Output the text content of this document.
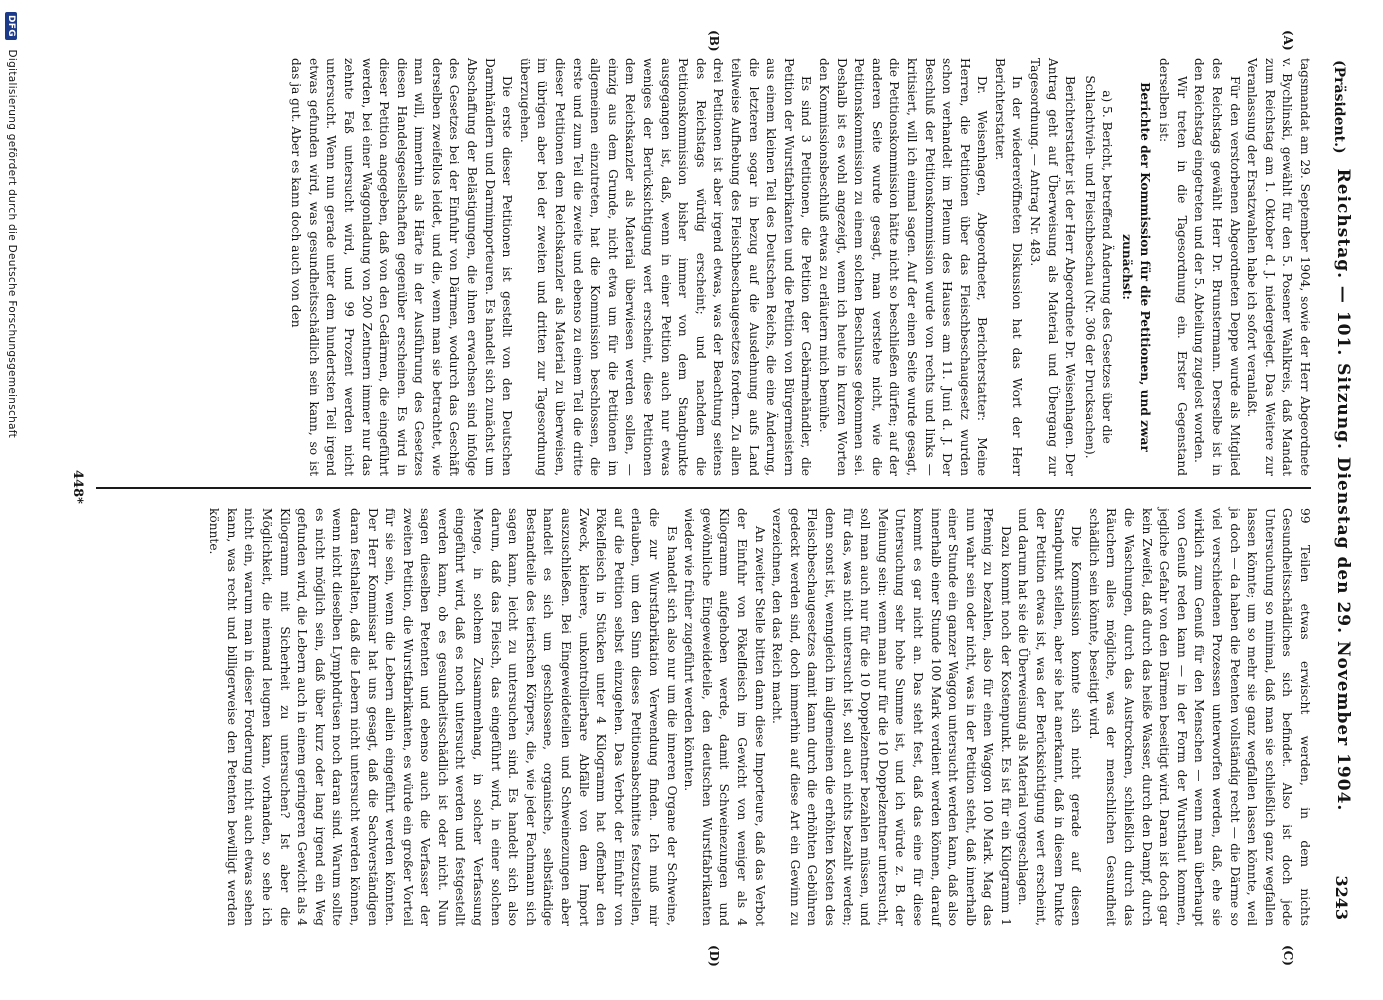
(Präsident.)
Reichstag. — 101. Sitzung. Dienstag den 29. November 1904.
3243
(A)
(B)
(C)
(D)

tagsmandat am 29. September 1904, sowie der Herr Abgeordnete v. Bychlinski, gewählt für den 5. Posener Wahlkreis, daß Mandat zum Reichstag am 1. Oktober d. J. niedergelegt. Das Weitere zur Veranlassung der Ersatzwahlen habe ich sofort veranlaßt.

Für den verstorbenen Abgeordneten Deppe wurde als Mitglied des Reichstags gewählt Herr Dr. Brunstermann. Derselbe ist in den Reichstag eingetreten und der 5. Abteilung zugelost worden.

Wir treten in die Tagesordnung ein. Erster Gegenstand derselben ist:

Berichte der Kommission für die Petitionen, und zwar zunächst:

a) 5. Bericht, betreffend Änderung des Gesetzes über die Schlachtvieh- und Fleischbeschau (Nr. 306 der Drucksachen).

Berichterstatter ist der Herr Abgeordnete Dr. Weisenhagen. Der Antrag geht auf Überweisung als Material und Übergang zur Tagesordnung. — Antrag Nr. 483.

In der wiedereröffneten Diskussion hat das Wort der Herr Berichterstatter.

Dr. Weisenhagen, Abgeordneter, Berichterstatter: Meine Herren, die Petitionen über das Fleischbeschaugesetz wurden schon verhandelt im Plenum des Hauses am 11. Juni d. J. Der Beschluß der Petitionskommission wurde von rechts und links — kritisiert, will ich einmal sagen. Auf der einen Seite wurde gesagt, die Petitionskommission hätte nicht so beschließen dürfen; auf der anderen Seite wurde gesagt, man verstehe nicht, wie die Petitionskommission zu einem solchen Beschlusse gekommen sei. Deshalb ist es wohl angezeigt, wenn ich heute in kurzen Worten den Kommissionsbeschluß etwas zu erläutern mich bemühe.

Es sind 3 Petitionen, die Petition der Gebärmehändler, die Petition der Wurstfabrikanten und die Petition von Bürgermeistern aus einem kleinen Teil des Deutschen Reichs, die eine Änderung, die letzteren sogar in bezug auf die Ausdehnung aufs Land teilweise Aufhebung des Fleischbeschaugesetzes fordern. Zu allen drei Petitionen ist aber irgend etwas, was der Beachtung seitens des Reichstags würdig erscheint; und nachdem die Petitionskommission bisher immer von dem Standpunkte ausgegangen ist, daß, wenn in einer Petition auch nur etwas weniges der Berücksichtigung wert erscheint, diese Petitionen dem Reichskanzler als Material überwiesen werden sollen, — einzig aus dem Grunde, nicht etwa um für die Petitionen im allgemeinen einzutreten, hat die Kommission beschlossen, die erste und zum Teil die zweite und ebenso zu einem Teil die dritte dieser Petitionen dem Reichskanzler als Material zu überweisen, im übrigen aber bei der zweiten und dritten zur Tagesordnung überzugehen.

Die erste dieser Petitionen ist gestellt von den Deutschen Darmhändlern und Darmimporteuren. Es handelt sich zunächst um Abschaffung der Belästigungen, die ihnen erwachsen sind infolge des Gesetzes bei der Einfuhr von Därmen, wodurch das Geschäft derselben zweifellos leidet, und die, wenn man sie betrachtet, wie man will, immerhin als Härte in der Ausführung des Gesetzes diesen Handelsgesellschaften gegenüber erscheinen. Es wird in dieser Petition angegeben, daß von den Gedärmen, die eingeführt werden, bei einer Waggonladung von 200 Zentnern immer nur das zehnte Faß untersucht wird, und 99 Prozent werden nicht untersucht. Wenn nun gerade unter dem hundertsten Teil irgend etwas gefunden wird, was gesundheitsschädlich sein kann, so ist das ja gut. Aber es kann doch auch von den

99 Teilen etwas erwischt werden, in dem nichts Gesundheitsschädliches sich befindet. Also ist doch jede Untersuchung so minimal, daß man sie schließlich ganz wegfallen lassen könnte; um so mehr sie ganz wegfallen lassen könnte, weil ja doch — da haben die Petenten vollständig recht — die Därme so viel verschiedenen Prozessen unterworfen werden, daß, ehe sie wirklich zum Genuß für den Menschen — wenn man überhaupt von Genuß reden kann — in der Form der Wursthaut kommen, jegliche Gefahr von den Därmen beseitigt wird. Daran ist doch gar kein Zweifel, daß durch das heiße Wasser, durch den Dampf, durch die Waschungen, durch das Austrocknen, schließlich durch das Räuchern alles mögliche, was der menschlichen Gesundheit schädlich sein könnte, beseitigt wird.

Die Kommission konnte sich nicht gerade auf diesen Standpunkt stellen, aber sie hat anerkannt, daß in diesem Punkte der Petition etwas ist, was der Berücksichtigung wert erscheint, und darum hat sie die Überweisung als Material vorgeschlagen.

Dazu kommt noch der Kostenpunkt. Es ist für ein Kilogramm 1 Pfennig zu bezahlen, also für einen Waggon 100 Mark. Mag das nun wahr sein oder nicht, was in der Petition steht, daß innerhalb einer Stunde ein ganzer Waggon untersucht werden kann, daß also innerhalb einer Stunde 100 Mark verdient werden können, darauf kommt es gar nicht an. Das steht fest, daß das eine für diese Untersuchung sehr hohe Summe ist, und ich würde z. B. der Meinung sein: wenn man nur für die 10 Doppelzentner untersucht, soll man auch nur für die 10 Doppelzentner bezahlen müssen, und für das, was nicht untersucht ist, soll auch nichts bezahlt werden; denn sonst ist, wenngleich im allgemeinen die erhöhten Kosten des Fleischbeschaugesetzes damit kann durch die erhöhten Gebühren gedeckt werden sind, doch immerhin auf diese Art ein Gewinn zu verzeichnen, den das Reich macht.

An zweiter Stelle bitten dann diese Importeure, daß das Verbot der Einfuhr von Pökelfleisch im Gewicht von weniger als 4 Kilogramm aufgehoben werde, damit Schweinezungen und gewöhnliche Eingeweideteile, den deutschen Wurstfabrikanten wieder wie früher zugeführt werden könnten.

Es handelt sich also nur um die inneren Organe der Schweine, die zur Wurstfabrikation Verwendung finden. Ich muß mir erlauben, um den Sinn dieses Petitionsabschnittes festzustellen, auf die Petition selbst einzugehen. Das Verbot der Einfuhr von Pökelfleisch in Stücken unter 4 Kilogramm hat offenbar den Zweck, kleinere, unkontrollierbare Abfälle von dem Import auszuschließen. Bei Eingeweideteilen und Schweinezungen aber handelt es sich um geschlossene, organische, selbständige Bestandteile des tierischen Körpers, die, wie jeder Fachmann sich sagen kann, leicht zu untersuchen sind. Es handelt sich also darum, daß das Fleisch, das eingeführt wird, in einer solchen Menge, in solchem Zusammenhang, in solcher Verfassung eingeführt wird, daß es noch untersucht werden und festgestellt werden kann, ob es gesundheitsschädlich ist oder nicht. Nun sagen dieselben Petenten und ebenso auch die Verfasser der zweiten Petition, die Wurstfabrikanten, es würde ein großer Vorteil für sie sein, wenn die Lebern allein eingeführt werden könnten. Der Herr Kommissar hat uns gesagt, daß die Sachverständigen daran festhalten, daß die Lebern nicht untersucht werden können, wenn nicht dieselben Lymphdrüsen noch daran sind. Warum sollte es nicht möglich sein, daß über kurz oder lang irgend ein Weg gefunden wird, die Lebern auch in einem geringeren Gewicht als 4 Kilogramm mit Sicherheit zu untersuchen? Ist aber die Möglichkeit, die niemand leugnen kann, vorhanden, so sehe ich nicht ein, warum man in dieser Forderung nicht auch etwas sehen kann, was recht und billigerweise den Petenten bewilligt werden könnte.

448*
DFG Digitalisierung gefördert durch die Deutsche Forschungsgemeinschaft
